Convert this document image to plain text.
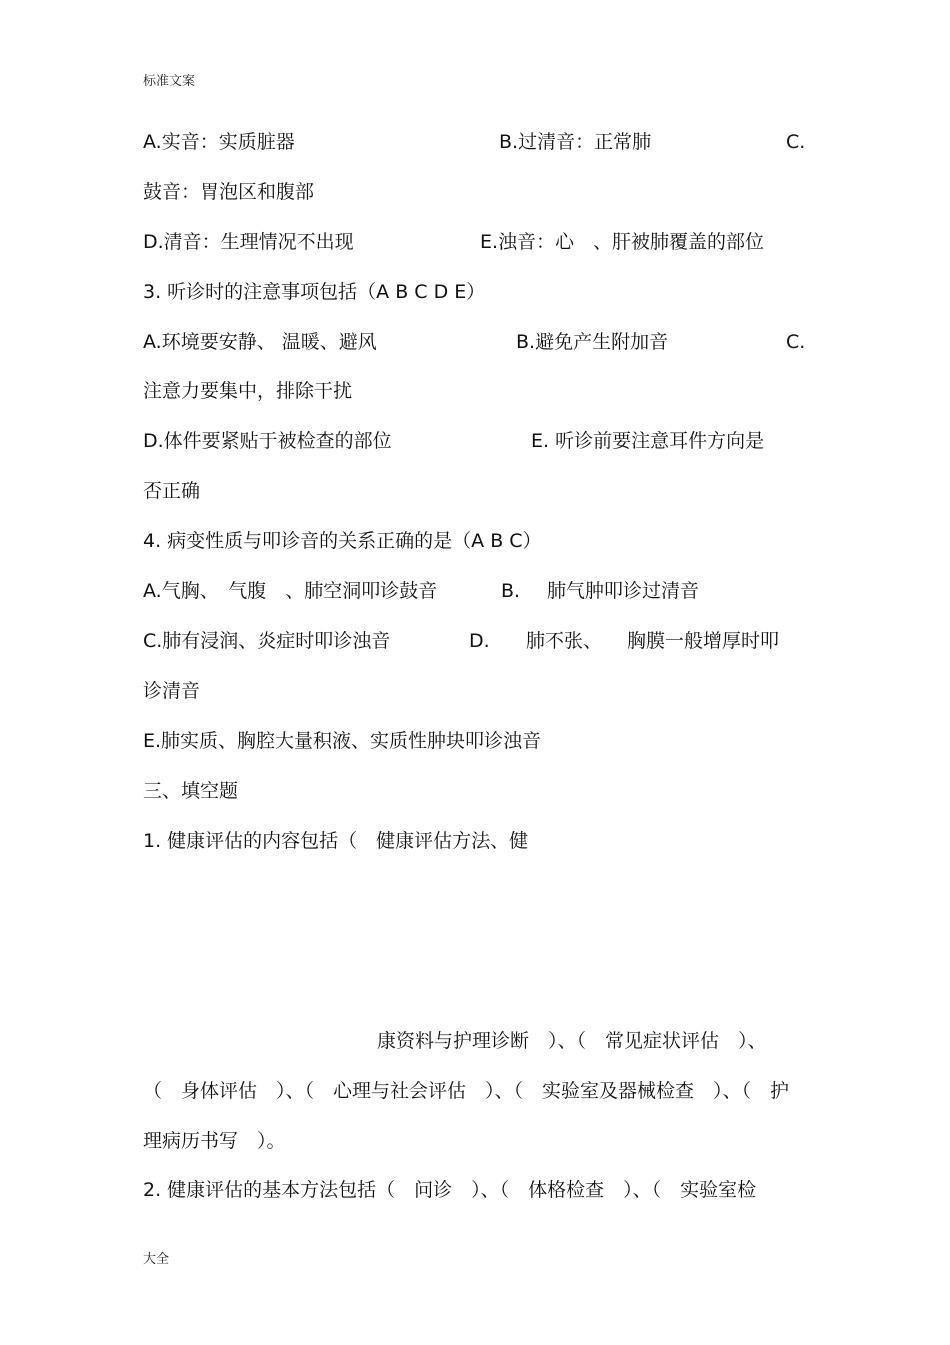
标准文案
A.实音：实质脏器	B.过清音：正常肺	C.
鼓音：胃泡区和腹部
D.清音：生理情况不出现	E.浊音：心　、肝被肺覆盖的部位
3. 听诊时的注意事项包括（A B C D E）
A.环境要安静、 温暖、避风	B.避免产生附加音	C.
注意力要集中，排除干扰
D.体件要紧贴于被检查的部位	E. 听诊前要注意耳件方向是
否正确
4. 病变性质与叩诊音的关系正确的是（A B C）
A.气胸、　气腹　、肺空洞叩诊鼓音	B. 肺气肿叩诊过清音
C.肺有浸润、炎症时叩诊浊音	D. 肺不张、 胸膜一般增厚时叩
诊清音
E.肺实质、胸腔大量积液、实质性肿块叩诊浊音
三、填空题
1. 健康评估的内容包括（　健康评估方法、健
康资料与护理诊断　）、（　常见症状评估　）、
（　身体评估　）、（　心理与社会评估　）、（　实验室及器械检查　）、（　护
理病历书写　）。
2. 健康评估的基本方法包括（　问诊　）、（　体格检查　）、（　实验室检
大全
